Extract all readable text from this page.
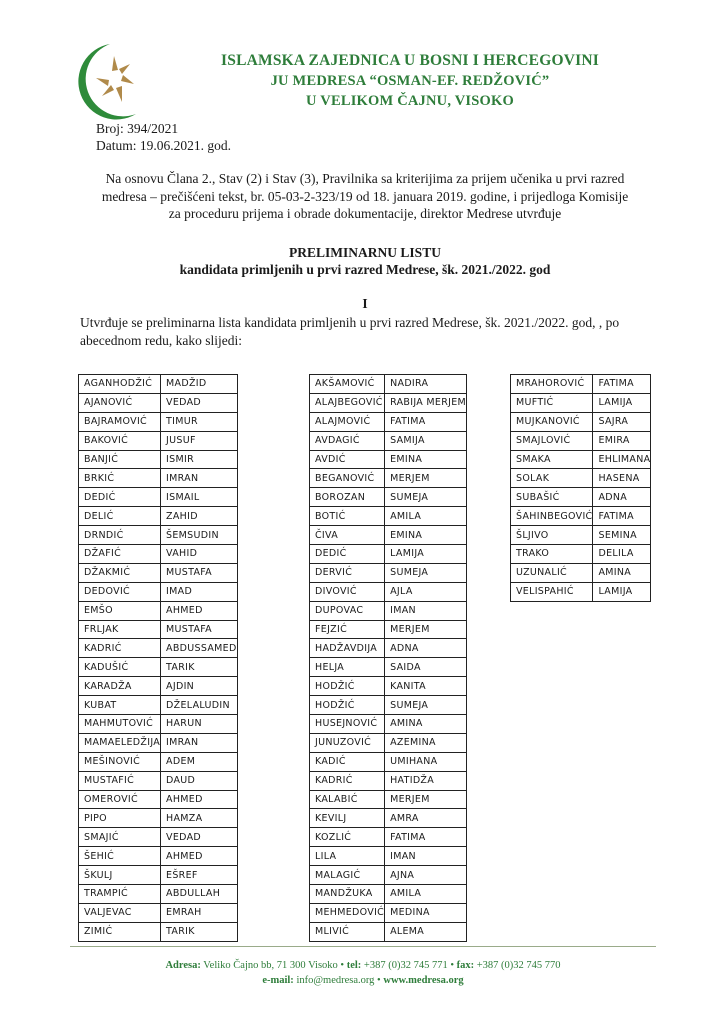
ISLAMSKA ZAJEDNICA U BOSNI I HERCEGOVINI
JU MEDRESA “OSMAN-EF. REDŽOVIĆ”
U VELIKOM ČAJNU, VISOKO
Broj: 394/2021
Datum: 19.06.2021. god.
Na osnovu Člana 2., Stav (2) i Stav (3), Pravilnika sa kriterijima za prijem učenika u prvi razred
medresa – prečišćeni tekst, br. 05-03-2-323/19 od 18. januara 2019. godine, i prijedloga Komisije
za proceduru prijema i obrade dokumentacije, direktor Medrese utvrđuje
PRELIMINARNU LISTU
kandidata primljenih u prvi razred Medrese, šk. 2021./2022. god
I
Utvrđuje se preliminarna lista kandidata primljenih u prvi razred Medrese, šk. 2021./2022. god, , po
abecednom redu, kako slijedi:
AGANHODŽIĆ	MADŽID
AJANOVIĆ	VEDAD
BAJRAMOVIĆ	TIMUR
BAKOVIĆ	JUSUF
BANJIĆ	ISMIR
BRKIĆ	IMRAN
DEDIĆ	ISMAIL
DELIĆ	ZAHID
DRNDIĆ	ŠEMSUDIN
DŽAFIĆ	VAHID
DŽAKMIĆ	MUSTAFA
DEDOVIĆ	IMAD
EMŠO	AHMED
FRLJAK	MUSTAFA
KADRIĆ	ABDUSSAMED
KADUŠIĆ	TARIK
KARADŽA	AJDIN
KUBAT	DŽELALUDIN
MAHMUTOVIĆ	HARUN
MAMAELEDŽIJA	IMRAN
MEŠINOVIĆ	ADEM
MUSTAFIĆ	DAUD
OMEROVIĆ	AHMED
PIPO	HAMZA
SMAJIĆ	VEDAD
ŠEHIĆ	AHMED
ŠKULJ	EŠREF
TRAMPIĆ	ABDULLAH
VALJEVAC	EMRAH
ZIMIĆ	TARIK
AKŠAMOVIĆ	NADIRA
ALAJBEGOVIĆ	RABIJA MERJEM
ALAJMOVIĆ	FATIMA
AVDAGIĆ	SAMIJA
AVDIĆ	EMINA
BEGANOVIĆ	MERJEM
BOROZAN	SUMEJA
BOTIĆ	AMILA
ČIVA	EMINA
DEDIĆ	LAMIJA
DERVIĆ	SUMEJA
DIVOVIĆ	AJLA
DUPOVAC	IMAN
FEJZIĆ	MERJEM
HADŽAVDIJA	ADNA
HELJA	SAIDA
HODŽIĆ	KANITA
HODŽIĆ	SUMEJA
HUSEJNOVIĆ	AMINA
JUNUZOVIĆ	AZEMINA
KADIĆ	UMIHANA
KADRIĆ	HATIDŽA
KALABIĆ	MERJEM
KEVILJ	AMRA
KOZLIĆ	FATIMA
LILA	IMAN
MALAGIĆ	AJNA
MANDŽUKA	AMILA
MEHMEDOVIĆ	MEDINA
MLIVIĆ	ALEMA
MRAHOROVIĆ	FATIMA
MUFTIĆ	LAMIJA
MUJKANOVIĆ	SAJRA
SMAJLOVIĆ	EMIRA
SMAKA	EHLIMANA
SOLAK	HASENA
SUBAŠIĆ	ADNA
ŠAHINBEGOVIĆ	FATIMA
ŠLJIVO	SEMINA
TRAKO	DELILA
UZUNALIĆ	AMINA
VELISPAHIĆ	LAMIJA
Adresa: Veliko Čajno bb, 71 300 Visoko • tel: +387 (0)32 745 771 • fax: +387 (0)32 745 770
e-mail: info@medresa.org • www.medresa.org
